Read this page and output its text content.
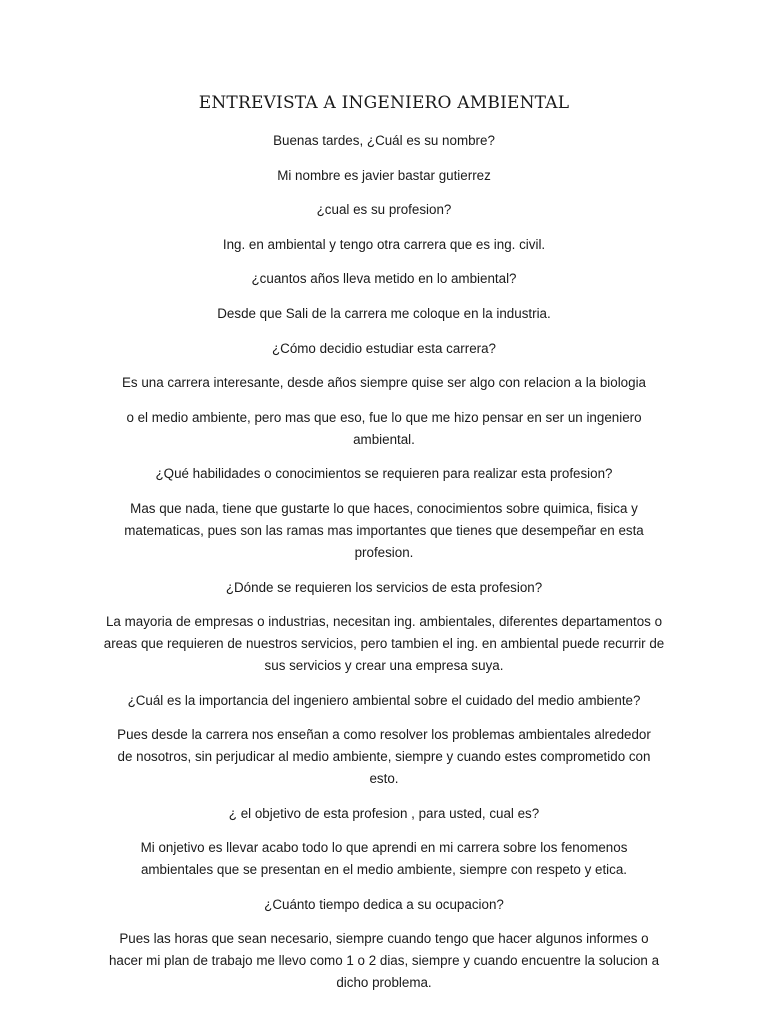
ENTREVISTA A INGENIERO AMBIENTAL

Buenas tardes, ¿Cuál es su nombre?

Mi nombre es javier bastar gutierrez

¿cual es su profesion?

Ing. en ambiental y tengo otra carrera que es ing. civil.

¿cuantos años lleva metido en lo ambiental?

Desde que Sali de la carrera me coloque en la industria.

¿Cómo decidio estudiar esta carrera?

Es una carrera interesante, desde años siempre quise ser algo con relacion a la biologia

o el medio ambiente, pero mas que eso, fue lo que me hizo pensar en ser un ingeniero ambiental.

¿Qué habilidades o conocimientos se requieren para realizar esta profesion?

Mas que nada, tiene que gustarte lo que haces, conocimientos sobre quimica, fisica y matematicas, pues son las ramas mas importantes que tienes que desempeñar en esta profesion.

¿Dónde se requieren los servicios de esta profesion?

La mayoria de empresas o industrias, necesitan ing. ambientales, diferentes departamentos o areas que requieren de nuestros servicios, pero tambien el ing. en ambiental puede recurrir de sus servicios y crear una empresa suya.

¿Cuál es la importancia del ingeniero ambiental sobre el cuidado del medio ambiente?

Pues desde la carrera nos enseñan a como resolver los problemas ambientales alrededor de nosotros, sin perjudicar al medio ambiente, siempre y cuando estes comprometido con esto.

¿ el objetivo de esta profesion , para usted, cual es?

Mi onjetivo es llevar acabo todo lo que aprendi en mi carrera sobre los fenomenos ambientales que se presentan en el medio ambiente, siempre con respeto y etica.

¿Cuánto tiempo dedica a su ocupacion?

Pues las horas que sean necesario, siempre cuando tengo que hacer algunos informes o hacer mi plan de trabajo me llevo como 1 o 2 dias, siempre y cuando encuentre la solucion a dicho problema.
